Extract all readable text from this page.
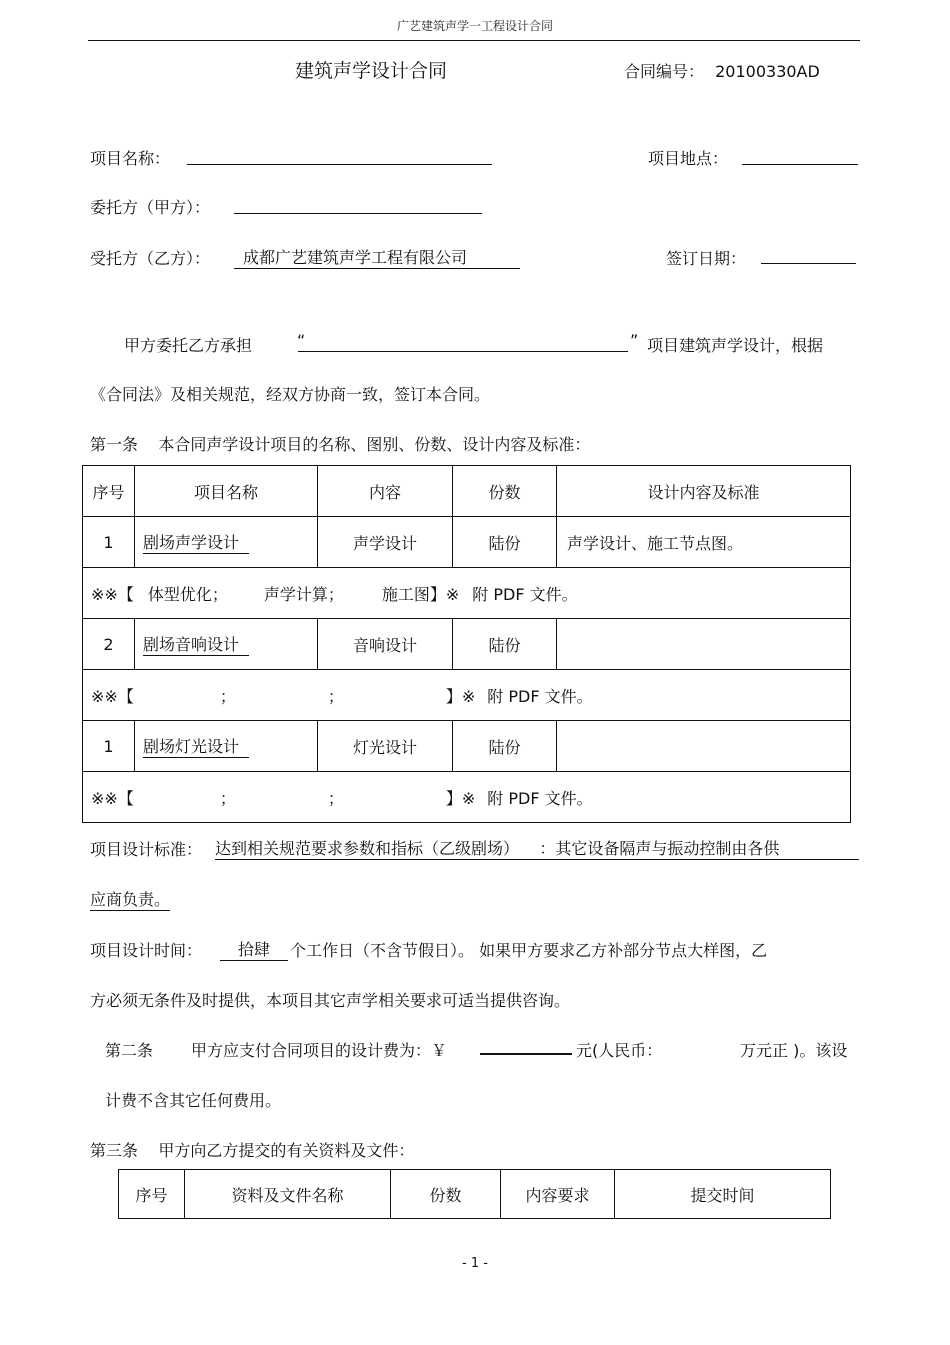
广艺建筑声学一工程设计合同
建筑声学设计合同	合同编号： 20100330AD
项目名称：	项目地点：
委托方（甲方）：
受托方（乙方）：	成都广艺建筑声学工程有限公司	签订日期：
甲方委托乙方承担	“	” 项目建筑声学设计，根据
《合同法》及相关规范，经双方协商一致，签订本合同。
第一条    本合同声学设计项目的名称、图别、份数、设计内容及标准：
序号	项目名称	内容	份数	设计内容及标准
1	剧场声学设计	声学设计	陆份	声学设计、施工节点图。
※※【 体型优化； 声学计算； 施工图】※ 附 PDF 文件。				
2	剧场音响设计	音响设计	陆份	
※※【 ； ； 】※ 附 PDF 文件。				
1	剧场灯光设计	灯光设计	陆份	
※※【 ； ； 】※ 附 PDF 文件。				
项目设计标准： 达到相关规范要求参数和指标（乙级剧场）    ：其它设备隔声与振动控制由各供
应商负责。
项目设计时间：	拾肆	个工作日（不含节假日）。 如果甲方要求乙方补部分节点大样图，乙
方必须无条件及时提供，本项目其它声学相关要求可适当提供咨询。
第二条 甲方应支付合同项目的设计费为：￥	元(人民币：	万元正 )。该设
计费不含其它任何费用。
第三条    甲方向乙方提交的有关资料及文件：
序号	资料及文件名称	份数	内容要求	提交时间
- 1 -
